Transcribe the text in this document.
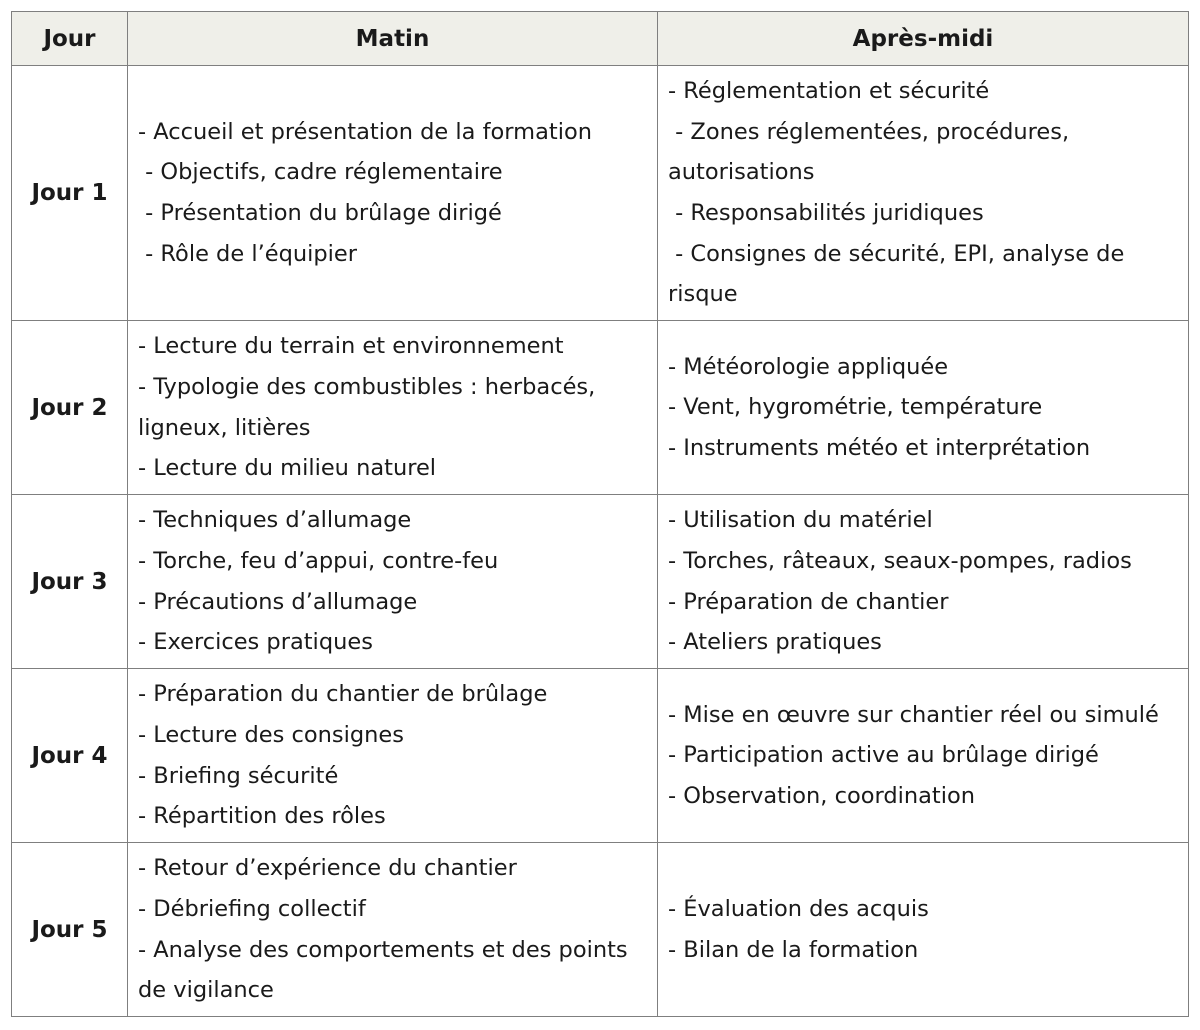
Jour	Matin	Après-midi
Jour 1	- Accueil et présentation de la formation
- Objectifs, cadre réglementaire
- Présentation du brûlage dirigé
- Rôle de l’équipier	- Réglementation et sécurité
- Zones réglementées, procédures, autorisations
- Responsabilités juridiques
- Consignes de sécurité, EPI, analyse de risque

Jour 2	- Lecture du terrain et environnement
- Typologie des combustibles : herbacés, ligneux, litières
- Lecture du milieu naturel	- Météorologie appliquée
- Vent, hygrométrie, température
- Instruments météo et interprétation

Jour 3	- Techniques d’allumage
- Torche, feu d’appui, contre-feu
- Précautions d’allumage
- Exercices pratiques	- Utilisation du matériel
- Torches, râteaux, seaux-pompes, radios
- Préparation de chantier
- Ateliers pratiques

Jour 4	- Préparation du chantier de brûlage
- Lecture des consignes
- Briefing sécurité
- Répartition des rôles	- Mise en œuvre sur chantier réel ou simulé
- Participation active au brûlage dirigé
- Observation, coordination

Jour 5	- Retour d’expérience du chantier
- Débriefing collectif
- Analyse des comportements et des points de vigilance	- Évaluation des acquis
- Bilan de la formation
